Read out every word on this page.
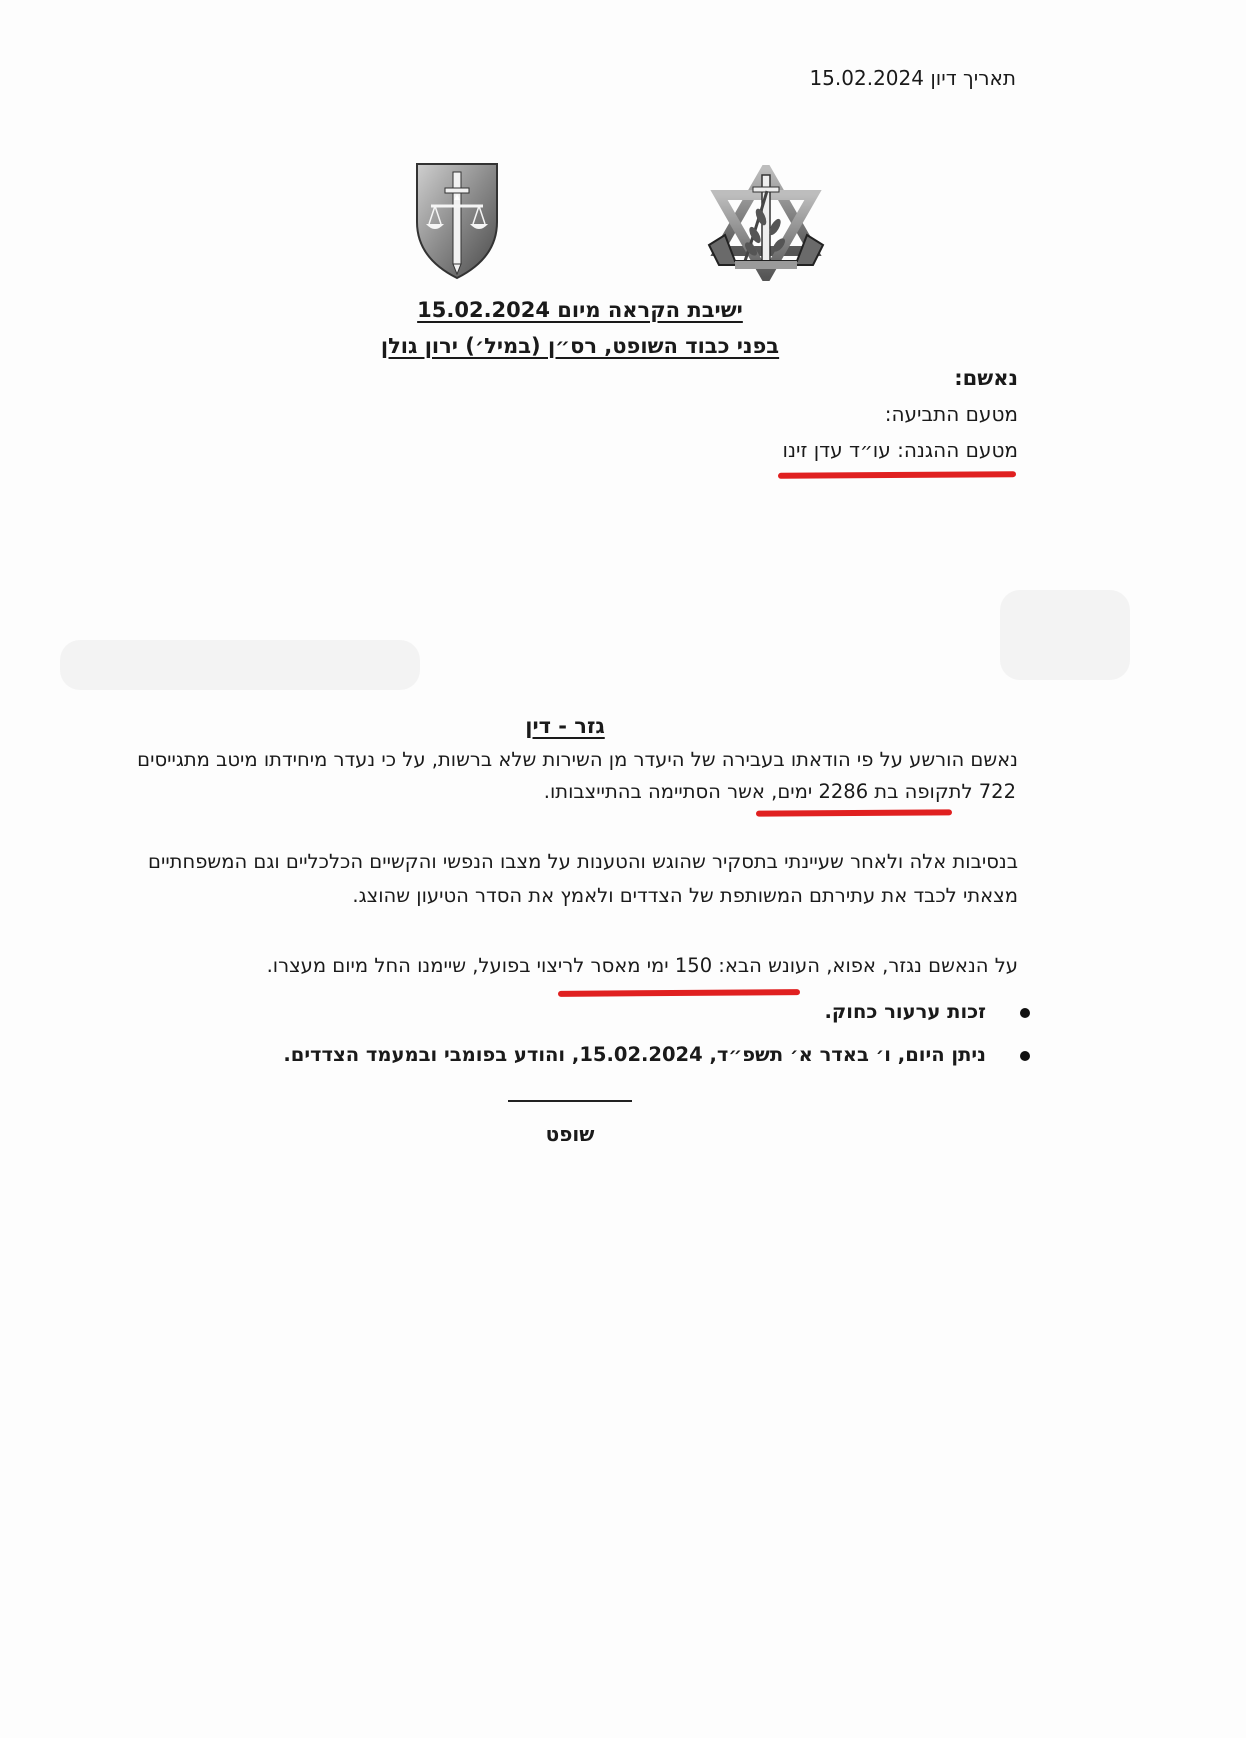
תאריך דיון 15.02.2024
ישיבת הקראה מיום 15.02.2024
בפני כבוד השופט, רס״ן (במיל׳) ירון גולן
נאשם:
מטעם התביעה:
מטעם ההגנה: עו״ד עדן זינו
גזר - דין
נאשם הורשע על פי הודאתו בעבירה של היעדר מן השירות שלא ברשות, על כי נעדר מיחידתו מיטב מתגייסים
722 לתקופה בת 2286 ימים, אשר הסתיימה בהתייצבותו.
בנסיבות אלה ולאחר שעיינתי בתסקיר שהוגש והטענות על מצבו הנפשי והקשיים הכלכליים וגם המשפחתיים
מצאתי לכבד את עתירתם המשותפת של הצדדים ולאמץ את הסדר הטיעון שהוצג.
על הנאשם נגזר, אפוא, העונש הבא: 150 ימי מאסר לריצוי בפועל, שיימנו החל מיום מעצרו.
זכות ערעור כחוק.
ניתן היום, ו׳ באדר א׳ תשפ״ד, 15.02.2024, והודע בפומבי ובמעמד הצדדים.
שופט
